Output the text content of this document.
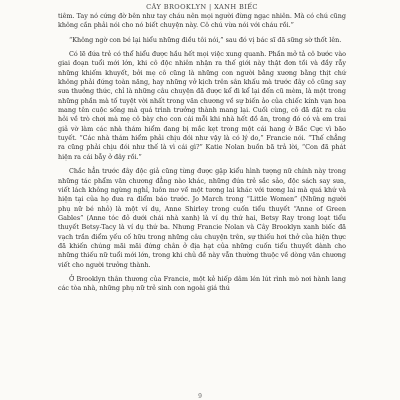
CÂY BROOKLYN | XANH BIẾC

tiêm. Tay nó cứng đờ bên như tay cháu nên mọi người đừng ngạc nhiên. Mà có chú cũng không cần phải nói cho nó biết chuyện này. Cô chú vừa nói với cháu rồi.”

“Không ngờ con bé lại hiểu những điều tôi nói,” sau đó vị bác sĩ đã sững sờ thốt lên.

Có lẽ đứa trẻ có thể hiểu được hầu hết mọi việc xung quanh. Phần mở tả cô bước vào giai đoạn tuổi mới lớn, khi cô độc nhiên nhận ra thế giới này thật đơn tồi và đầy rẫy những khiếm khuyết, bởi mẹ cô cũng là những con người bằng xương bằng thịt chứ không phải đứng toàn năng, hay những vở kịch trên sân khấu mà trước đây cô cũng say sưa thưởng thức, chỉ là những câu chuyện đã được kể đi kể lại đến cũ mèm, là một trong những phần mà tố tuyệt vời nhất trong văn chương về sự biến ảo của chiếc kính vạn hoa mang tên cuộc sống mà quá trình trưởng thành mang lại. Cuối cùng, cô đã đặt ra câu hỏi về trò chơi mà mẹ cô bày cho con cái mỗi khi nhà hết đồ ăn, trong đó có và em trai giả vờ làm các nhà thám hiểm đang bị mắc kẹt trong một cái hang ở Bắc Cực vì bão tuyết. “Các nhà thám hiểm phải chịu đói như vậy là có lý do,” Francie nói. “Thế chẳng ra cũng phải chịu đói như thế là vì cái gì?” Katie Nolan buồn bã trả lời, “Con đã phát hiện ra cái bẫy ở đây rồi.”

Chắc hẳn trước đây độc giả cũng từng được gặp kiểu hình tượng nữ chính này trong những tác phẩm văn chương đẳng nào khác, những đứa trẻ sắc sảo, độc sách say sưa, viết lách không ngừng nghỉ, luôn mơ về một tương lai khác với tương lai mà quá khứ và hiện tại của họ đưa ra điểm báo trước. Jo March trong “Little Women” (Những người phụ nữ bé nhỏ) là một ví dụ, Anne Shirley trong cuốn tiểu thuyết “Anne of Green Gables” (Anne tóc đỏ dưới chái nhà xanh) là ví dụ thứ hai, Betsy Ray trong loạt tiểu thuyết Betsy-Tacy là ví dụ thứ ba. Nhưng Francie Nolan và Cây Brooklyn xanh biếc đã vạch trần điểm yếu cố hữu trong những câu chuyện trên, sự thiếu hơi thở của hiện thực đã khiến chúng mãi mãi đứng chân ở địa hạt của những cuốn tiểu thuyết dành cho những thiếu nữ tuổi mới lớn, trong khi chủ đề này vẫn thường thuộc về dòng văn chương viết cho người trưởng thành.

Ở Brooklyn thân thương của Francie, một kẻ hiếp dâm lén lút rình mò nơi hành lang các tòa nhà, những phụ nữ trẻ sinh con ngoài giá thú

9
